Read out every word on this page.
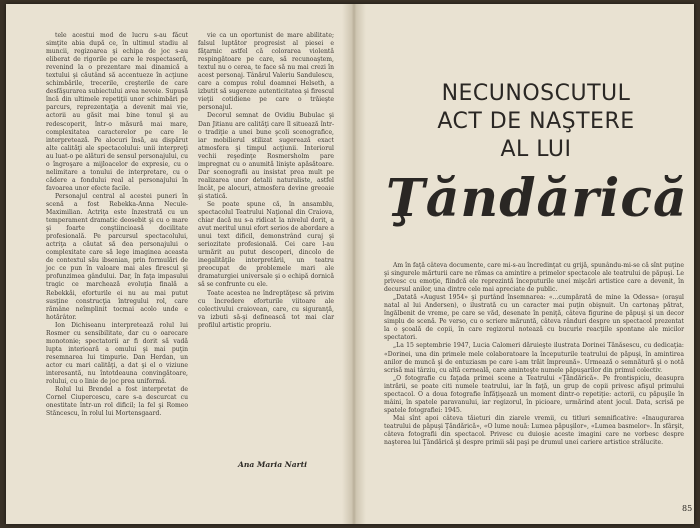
tele acestui mod de lucru s-au făcut simţite abia după ce, în ultimul stadiu al muncii, regizoarea şi echipa de joc s-au eliberat de rigorile pe care le respectaseră, revenind la o prezentare mai dinamică a textului şi căutând să accentueze în acţiune schimbările, trecerile, creşterile de care desfăşurarea subiectului avea nevoie. Supusă încă din ultimele repetiţii unor schimbări pe parcurs, reprezentaţia a devenit mai vie, actorii au găsit mai bine tonul şi au redescoperit, într-o măsură mai mare, complexitatea caracterelor pe care le interpretează. Pe alocuri însă, au dispărut alte calităţi ale spectacolului: unii interpreţi au luat-o pe alături de sensul personajului, cu o îngroşare a mijloacelor de expresie, cu o nelimitare a tonului de interpretare, cu o cădere a fondului real al personajului în favoarea unor efecte facile.

Personajul central al acestei puneri în scenă a fost Rebekka-Anna Necule-Maximilian. Actriţa este înzestrată cu un temperament dramatic deosebit şi cu o mare şi foarte conştiincioasă docilitate profesională. Pe parcursul spectacolului, actriţa a căutat să dea personajului o complexitate care să lege imaginea aceasta de contextul său ibsenian, prin formulări de joc ce pun în valoare mai ales firescul şi profunzimea gândului. Dar, în faţa impasului tragic ce marchează evoluţia finală a Rebekkăi, eforturile ei nu au mai putut susţine construcţia întregului rol, care rămâne neîmplinit tocmai acolo unde e hotărâtor.

Ion Dichiseanu interpretează rolul lui Rosmer cu sensibilitate, dar cu o oarecare monotonie; spectatorii ar fi dorit să vadă lupta interioară a omului şi mai puţin resemnarea lui timpurie. Dan Herdan, un actor cu mari calităţi, a dat şi el o viziune interesantă, nu întotdeauna convingătoare, rolului, cu o linie de joc prea uniformă.

Rolul lui Brendel a fost interpretat de Cornel Ciupercescu, care s-a descurcat cu onestitate într-un rol dificil; la fel şi Romeo Stăncescu, în rolul lui Mortensgaard.

vie ca un oportunist de mare abilitate; falsul luptător progresist al piesei e făţarnic astfel că colorarea violentă respingătoare pe care, să recunoaştem, textul nu o cerea, te face să nu mai crezi în acest personaj. Tânărul Valeriu Sandulescu, care a compus rolul doamnei Helseth, a izbutit să sugereze autenticitatea şi firescul vieţii cotidiene pe care o trăieşte personajul.

Decorul semnat de Ovidiu Bubulac şi Dan Jitianu are calităţi care îl situează într-o tradiţie a unei bune şcoli scenografice, iar mobilierul stilizat sugerează exact atmosfera şi timpul acţiunii. Interiorul vechii reşedinţe Rosmersholm pare impregnat cu o anumită linişte apăsătoare. Dar scenografii au insistat prea mult pe realizarea unor detalii naturaliste, astfel încât, pe alocuri, atmosfera devine greoaie şi statică.

Se poate spune că, în ansamblu, spectacolul Teatrului Naţional din Craiova, chiar dacă nu s-a ridicat la nivelul dorit, a avut meritul unui efort serios de abordare a unui text dificil, demonstrând curaj şi seriozitate profesională. Cei care l-au urmărit au putut descoperi, dincolo de inegalităţile interpretării, un teatru preocupat de problemele mari ale dramaturgiei universale şi o echipă dornică să se confrunte cu ele.

Toate acestea ne îndreptăţesc să privim cu încredere eforturile viitoare ale colectivului craiovean, care, cu siguranţă, va izbuti să-şi definească tot mai clar profilul artistic propriu.

Ana Maria Narti
NECUNOSCUTUL
ACT DE NAŞTERE
AL LUI
Ţăndărică

Am în faţă câteva documente, care mi-s-au încredinţat cu grijă, spunându-mi-se că sînt puţine şi singurele mărturii care ne rămas ca amintire a primelor spectacole ale teatrului de păpuşi. Le privesc cu emoţie, fiindcă ele reprezintă începuturile unei mişcări artistice care a devenit, în decursul anilor, una dintre cele mai apreciate de public.

„Datată «August 1954» şi purtând însemnarea: «...cumpărată de mine la Odessa» (oraşul natal al lui Andersen), o ilustrată cu un caracter mai puţin obişnuit. Un cartonaş pătrat, îngălbenit de vreme, pe care se văd, desenate în peniţă, câteva figurine de păpuşi şi un decor simplu de scenă. Pe verso, cu o scriere măruntă, câteva rânduri despre un spectacol prezentat la o şcoală de copii, în care regizorul notează cu bucurie reacţiile spontane ale micilor spectatori.

„La 15 septembrie 1947, Lucia Calomeri dăruieşte ilustrata Dorinei Tănăsescu, cu dedicaţia: «Dorinei, una din primele mele colaboratoare la începuturile teatrului de păpuşi, în amintirea anilor de muncă şi de entuziasm pe care i-am trăit împreună». Urmează o semnătură şi o notă scrisă mai târziu, cu altă cerneală, care aminteşte numele păpuşarilor din primul colectiv.

„O fotografie cu faţada primei scene a Teatrului «Ţăndărică». Pe frontispiciu, deasupra intrării, se poate citi numele teatrului, iar în faţă, un grup de copii privesc afişul primului spectacol. O a doua fotografie înfăţişează un moment dintr-o repetiţie: actorii, cu păpuşile în mâini, în spatele paravanului, iar regizorul, în picioare, urmărind atent jocul. Data, scrisă pe spatele fotografiei: 1945.

Mai sînt apoi câteva tăieturi din ziarele vremii, cu titluri semnificative: «Inaugurarea teatrului de păpuşi Ţăndărică», «O lume nouă: Lumea păpuşilor», «Lumea basmelor». În sfârşit, câteva fotografii din spectacol. Privesc cu duioşie aceste imagini care ne vorbesc despre naşterea lui Ţăndărică şi despre primii săi paşi pe drumul unei cariere artistice strălucite.

85
